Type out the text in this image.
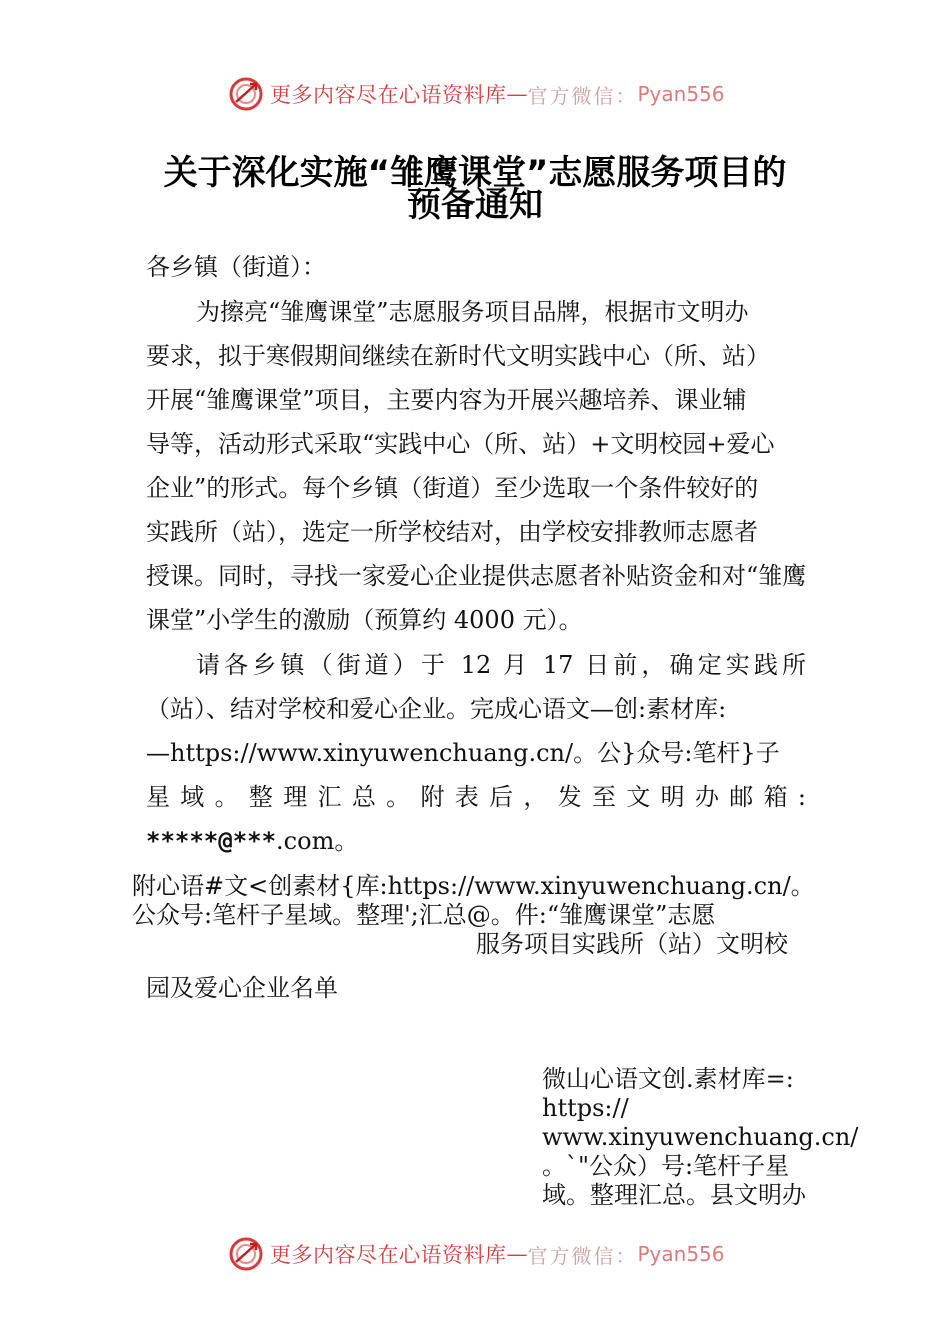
更多内容尽在心语资料库 — 官方微信： Pyan556
关于深化实施“雏鹰课堂”志愿服务项目的
预备通知
各乡镇（街道）：
为擦亮“雏鹰课堂”志愿服务项目品牌，根据市文明办
要求，拟于寒假期间继续在新时代文明实践中心（所、站）
开展“雏鹰课堂”项目，主要内容为开展兴趣培养、课业辅
导等，活动形式采取“实践中心（所、站）+文明校园+爱心
企业”的形式。每个乡镇（街道）至少选取一个条件较好的
实践所（站），选定一所学校结对，由学校安排教师志愿者
授课。同时，寻找一家爱心企业提供志愿者补贴资金和对“雏鹰
课堂”小学生的激励（预算约 4000 元）。
请各乡镇（街道）于 12 月 17 日前，确定实践所
（站）、结对学校和爱心企业。完成心语文—创:素材库:
—https://www.xinyuwenchuang.cn/。公}众号:笔杆}子
星域。整理汇总。附表后，发至文明办邮箱:
*****@***.com。
附心语#文<创素材{库:https://www.xinyuwenchuang.cn/。
公众号:笔杆子星域。整理';汇总@。件:“雏鹰课堂”志愿
服务项目实践所（站）文明校
园及爱心企业名单
微山心语文创.素材库=:
https://
www.xinyuwenchuang.cn/
。`"公众）号:笔杆子星
域。整理汇总。县文明办
更多内容尽在心语资料库 — 官方微信： Pyan556
